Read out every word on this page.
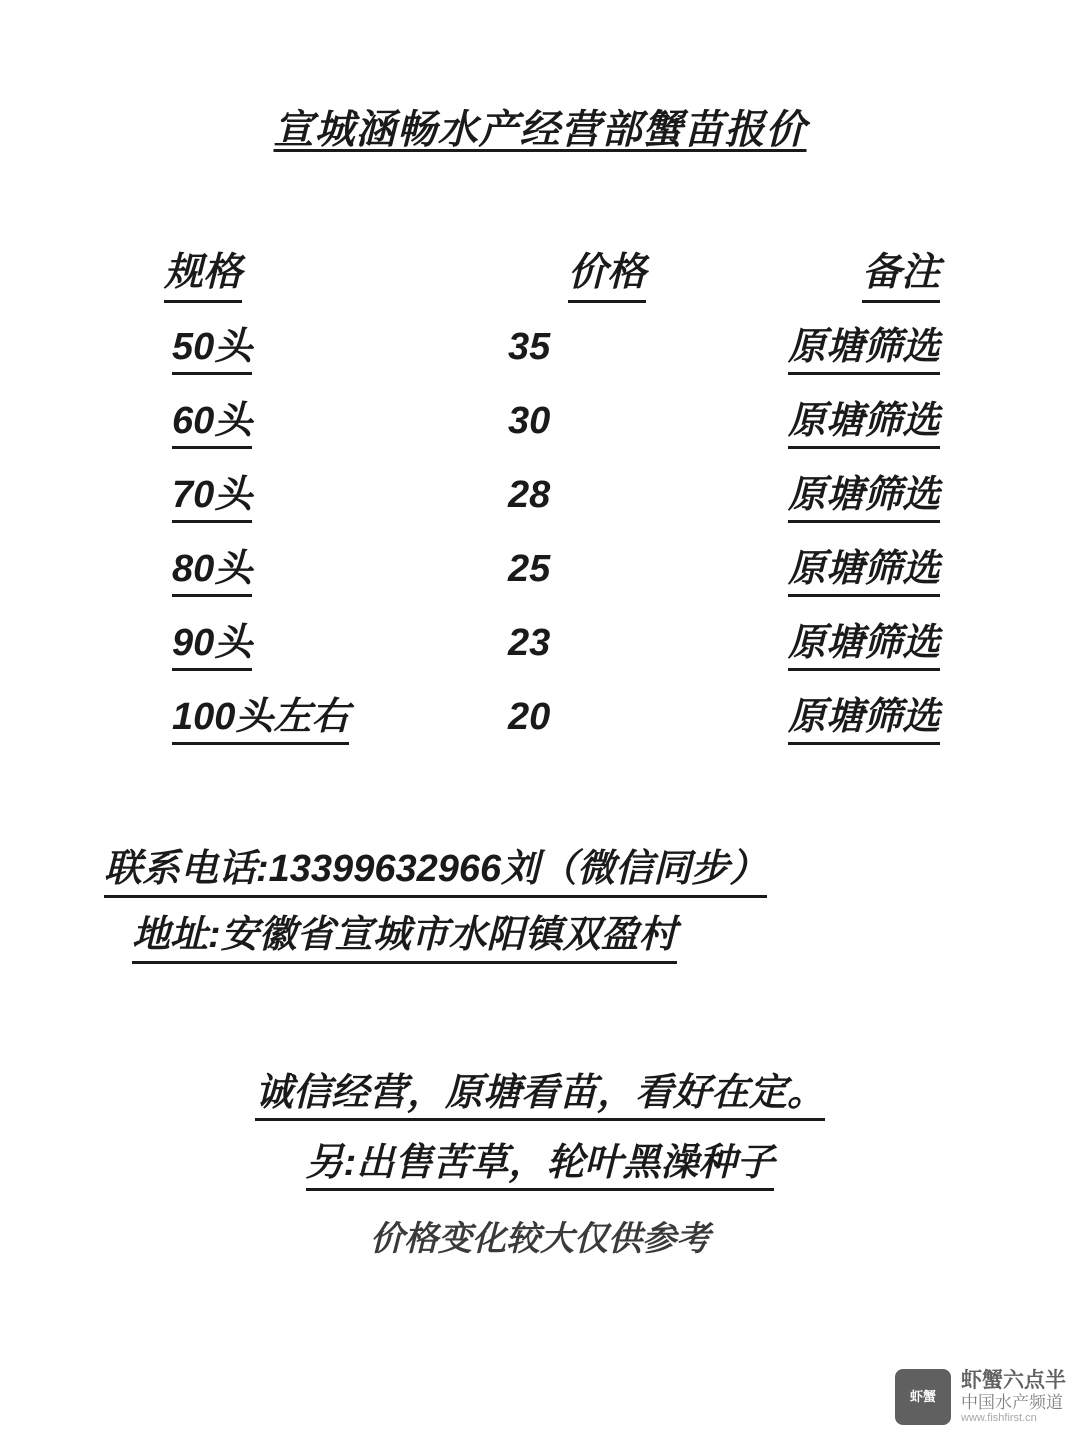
宣城涵畅水产经营部蟹苗报价
规格	价格	备注
50头	35	原塘筛选
60头	30	原塘筛选
70头	28	原塘筛选
80头	25	原塘筛选
90头	23	原塘筛选
100头左右	20	原塘筛选
联系电话:13399632966刘（微信同步）
地址:安徽省宣城市水阳镇双盈村
诚信经营，原塘看苗，看好在定。
另:出售苦草，轮叶黑澡种子
价格变化较大仅供参考
虾蟹
虾蟹六点半
中国水产频道
www.fishfirst.cn
